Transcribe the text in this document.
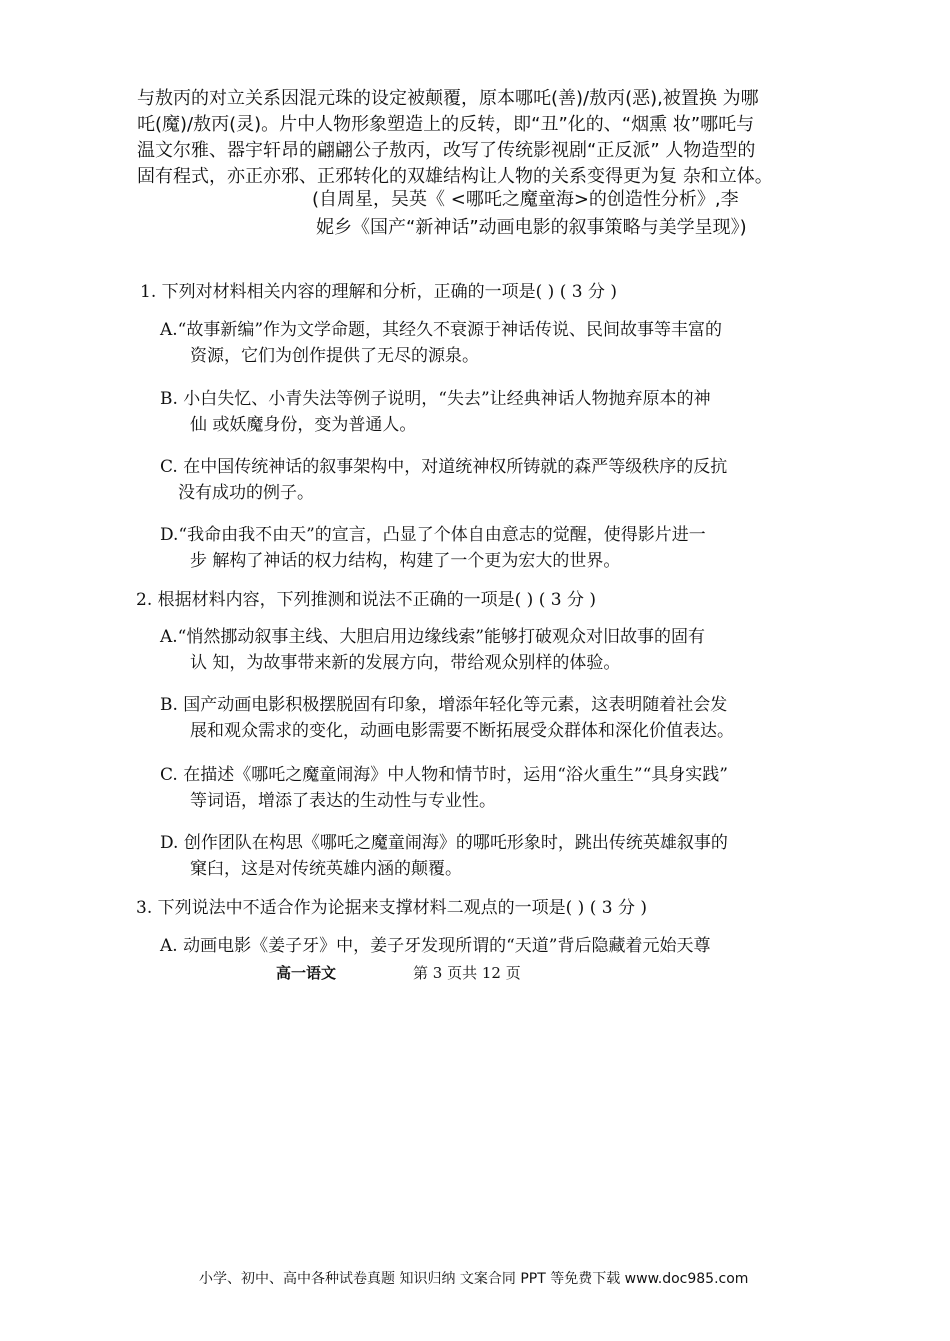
与敖丙的对立关系因混元珠的设定被颠覆，原本哪吒(善)/敖丙(恶),被置换 为哪
吒(魔)/敖丙(灵)。片中人物形象塑造上的反转，即“丑”化的、“烟熏 妆”哪吒与
温文尔雅、器宇轩昂的翩翩公子敖丙，改写了传统影视剧“正反派” 人物造型的
固有程式，亦正亦邪、正邪转化的双雄结构让人物的关系变得更为复 杂和立体。
(自周星，吴英《 <哪吒之魔童海>的创造性分析》,李
妮乡《国产“新神话”动画电影的叙事策略与美学呈现》)
1. 下列对材料相关内容的理解和分析，正确的一项是( ) ( 3 分 )
A.“故事新编”作为文学命题，其经久不衰源于神话传说、民间故事等丰富的
资源，它们为创作提供了无尽的源泉。
B. 小白失忆、小青失法等例子说明，“失去”让经典神话人物抛弃原本的神
仙 或妖魔身份，变为普通人。
C. 在中国传统神话的叙事架构中，对道统神权所铸就的森严等级秩序的反抗
没有成功的例子。
D.“我命由我不由天”的宣言，凸显了个体自由意志的觉醒，使得影片进一
步 解构了神话的权力结构，构建了一个更为宏大的世界。
2. 根据材料内容，下列推测和说法不正确的一项是( ) ( 3 分 )
A.“悄然挪动叙事主线、大胆启用边缘线索”能够打破观众对旧故事的固有
认 知，为故事带来新的发展方向，带给观众别样的体验。
B. 国产动画电影积极摆脱固有印象，增添年轻化等元素，这表明随着社会发
展和观众需求的变化，动画电影需要不断拓展受众群体和深化价值表达。
C. 在描述《哪吒之魔童闹海》中人物和情节时，运用“浴火重生”“具身实践”
等词语，增添了表达的生动性与专业性。
D. 创作团队在构思《哪吒之魔童闹海》的哪吒形象时，跳出传统英雄叙事的
窠臼，这是对传统英雄内涵的颠覆。
3. 下列说法中不适合作为论据来支撑材料二观点的一项是( ) ( 3 分 )
A. 动画电影《姜子牙》中，姜子牙发现所谓的“天道”背后隐藏着元始天尊
高一语文	第 3 页共 12 页
小学、初中、高中各种试卷真题 知识归纳 文案合同 PPT 等免费下载 www.doc985.com
